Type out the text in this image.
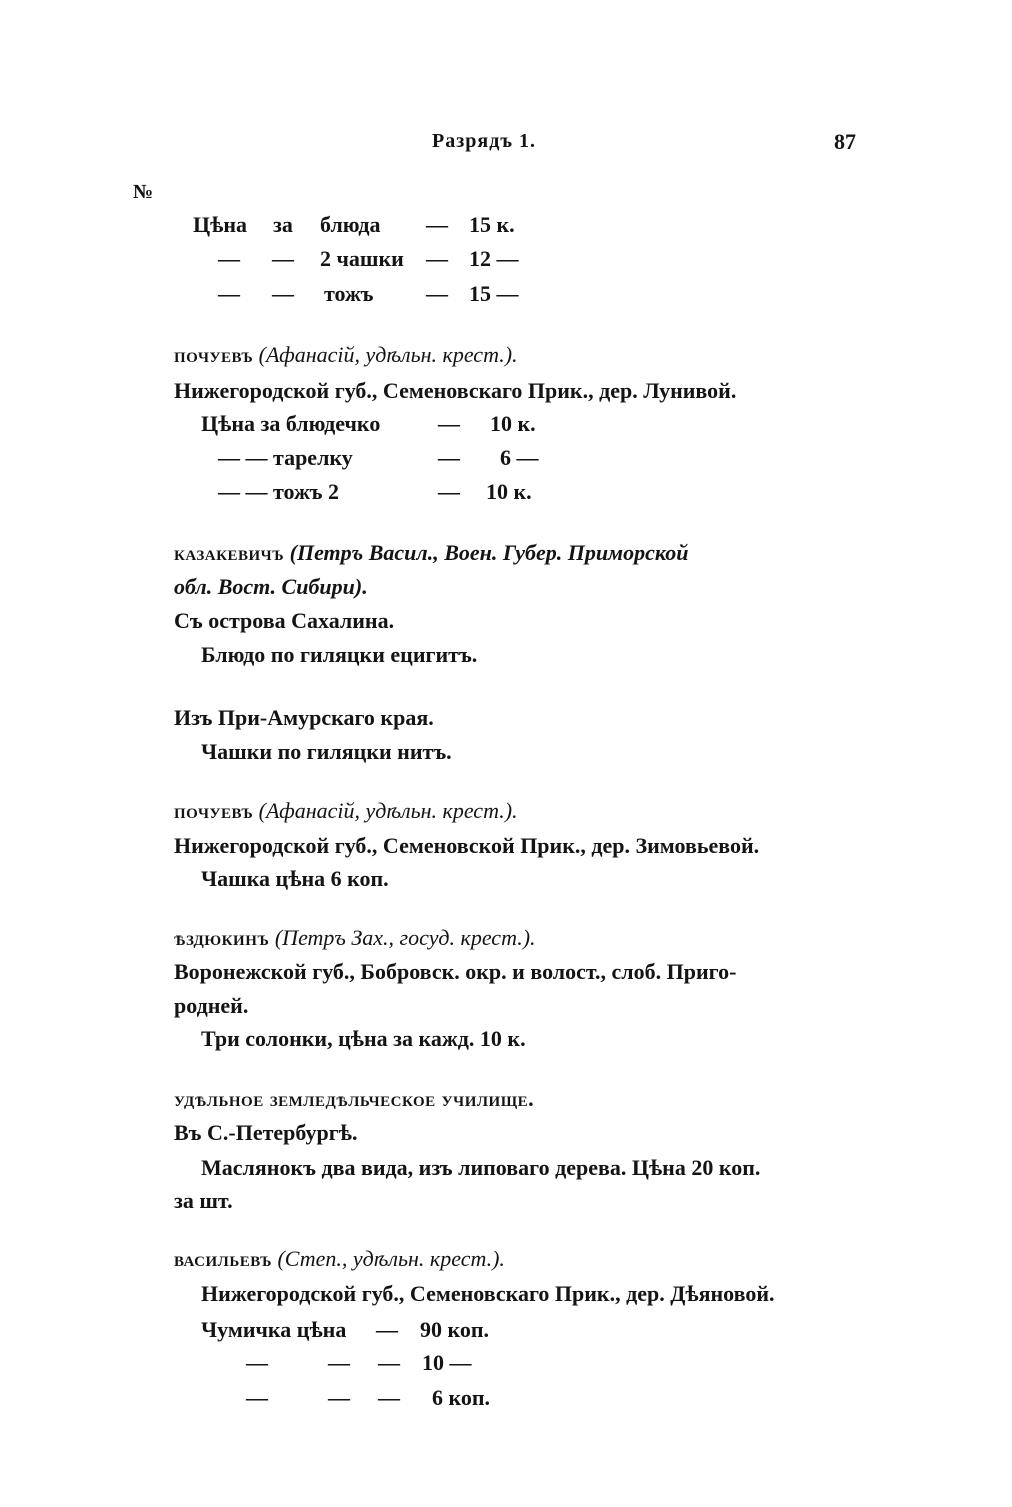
Разрядъ 1.	87
№
Цѣна за блюда — 15 к.
— — 2 чашки — 12 —
— — тожъ — 15 —
почуевъ (Афанасій, удѣльн. крест.).
Нижегородской губ., Семеновскаго Прик., дер. Лунивой.
Цѣна за блюдечко	— 10 к.
— — тарелку	— 6 —
— — тожъ 2	— 10 к.
казакевичъ (Петръ Васил., Воен. Губер. Приморской
обл. Вост. Сибири).
Съ острова Сахалина.
Блюдо по гиляцки ецигитъ.
Изъ При-Амурскаго края.
Чашки по гиляцки нитъ.
почуевъ (Афанасій, удѣльн. крест.).
Нижегородской губ., Семеновской Прик., дер. Зимовьевой.
Чашка цѣна 6 коп.
ѣздюкинъ (Петръ Зах., госуд. крест.).
Воронежской губ., Бобровск. окр. и волост., слоб. Приго-
родней.
Три солонки, цѣна за кажд. 10 к.
удѣльное земледѣльческое училище.
Въ С.-Петербургѣ.
Маслянокъ два вида, изъ липоваго дерева. Цѣна 20 коп.
за шт.
васильевъ (Степ., удѣльн. крест.).
Нижегородской губ., Семеновскаго Прик., дер. Дѣяновой.
Чумичка цѣна — 90 коп.
—	— — 10 —
—	— — 6 коп.
